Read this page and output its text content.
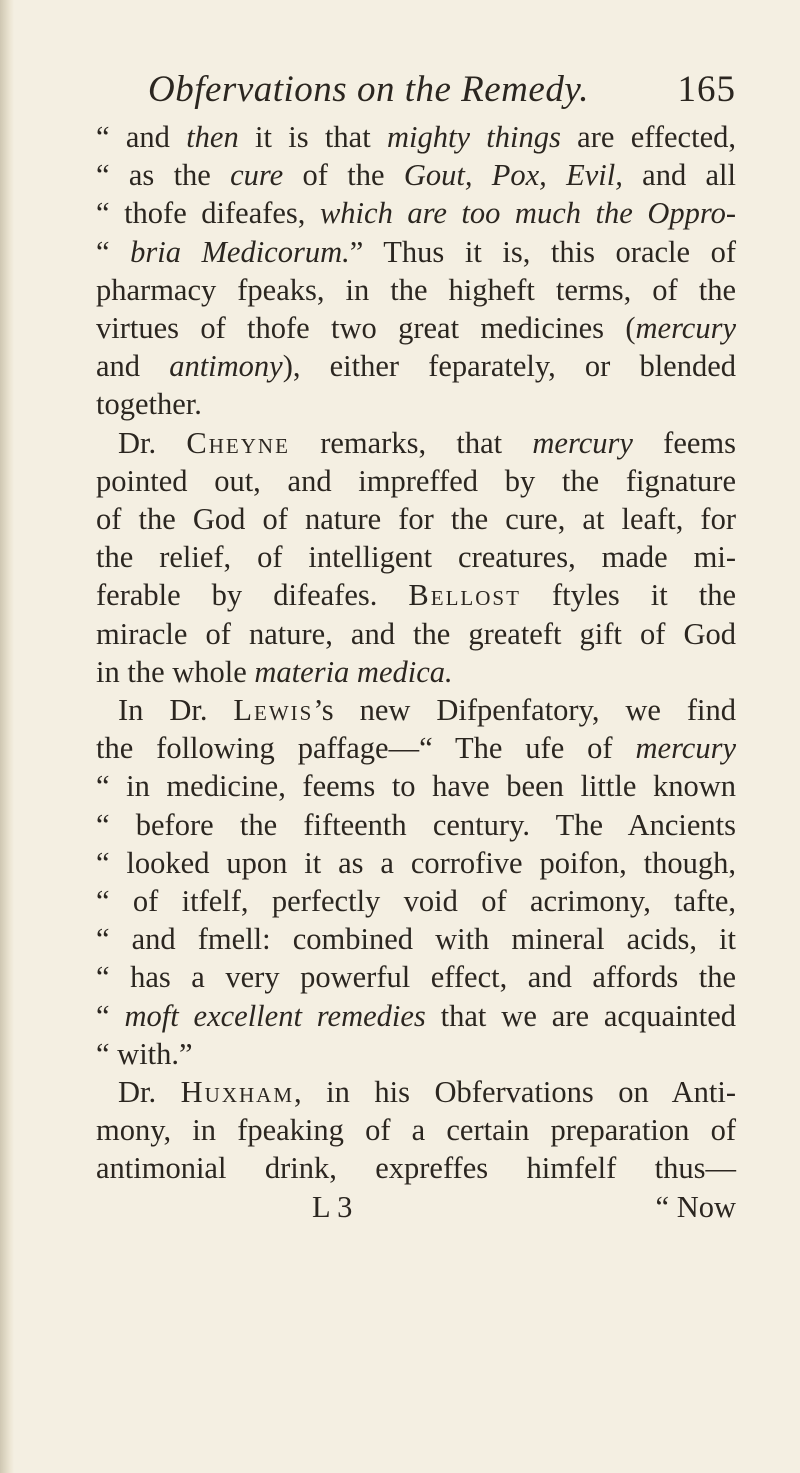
Obfervations on the Remedy. 165
“ and then it is that mighty things are effected,
“ as the cure of the Gout, Pox, Evil, and all
“ thofe difeafes, which are too much the Oppro-
“ bria Medicorum.” Thus it is, this oracle of
pharmacy fpeaks, in the higheft terms, of the
virtues of thofe two great medicines (mercury
and antimony), either feparately, or blended
together.
Dr. Cheyne remarks, that mercury feems
pointed out, and impreffed by the fignature
of the God of nature for the cure, at leaft, for
the relief, of intelligent creatures, made mi-
ferable by difeafes. Bellost ftyles it the
miracle of nature, and the greateft gift of God
in the whole materia medica.
In Dr. Lewis’s new Difpenfatory, we find
the following paffage—“ The ufe of mercury
“ in medicine, feems to have been little known
“ before the fifteenth century. The Ancients
“ looked upon it as a corrofive poifon, though,
“ of itfelf, perfectly void of acrimony, tafte,
“ and fmell: combined with mineral acids, it
“ has a very powerful effect, and affords the
“ moft excellent remedies that we are acquainted
“ with.”
Dr. Huxham, in his Obfervations on Anti-
mony, in fpeaking of a certain preparation of
antimonial drink, expreffes himfelf thus—

L 3

	“ Now
